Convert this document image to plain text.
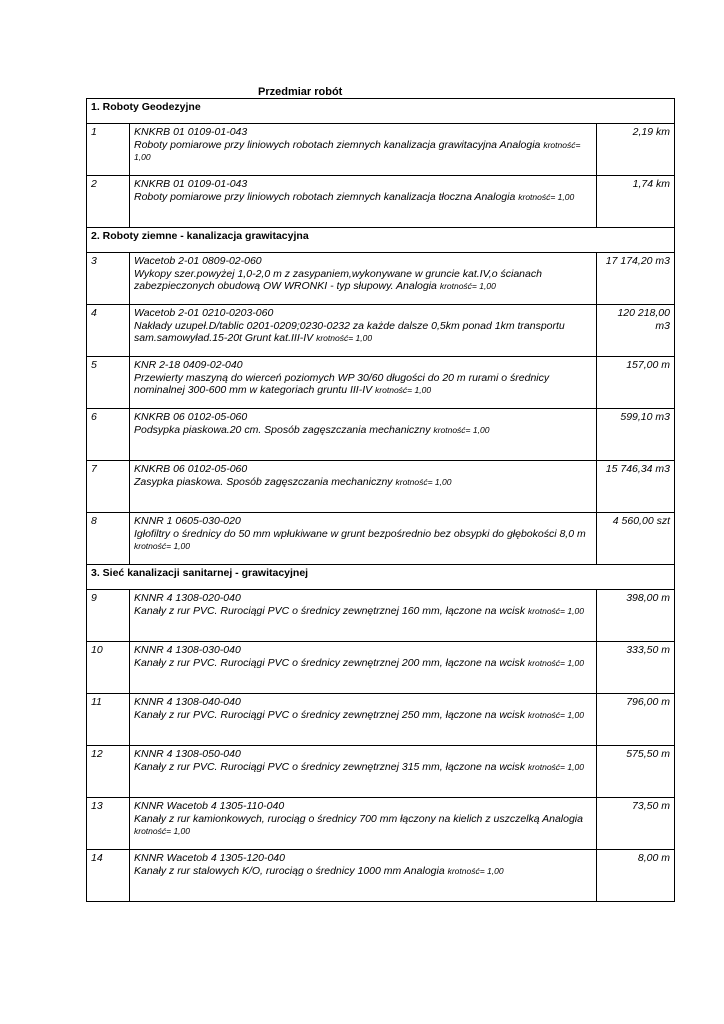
Przedmiar robót
1. Roboty Geodezyjne		
1	KNKRB 01 0109-01-043
Roboty pomiarowe przy liniowych robotach ziemnych kanalizacja grawitacyjna Analogia krotność= 1,00	2,19 km
2	KNKRB 01 0109-01-043
Roboty pomiarowe przy liniowych robotach ziemnych kanalizacja tłoczna Analogia krotność= 1,00	1,74 km
2. Roboty ziemne - kanalizacja grawitacyjna		
3	Wacetob 2-01 0809-02-060
Wykopy szer.powyżej 1,0-2,0 m z zasypaniem,wykonywane w gruncie kat.IV,o ścianach zabezpieczonych obudową OW WRONKI - typ słupowy. Analogia krotność= 1,00	17 174,20 m3
4	Wacetob 2-01 0210-0203-060
Nakłady uzupeł.D/tablic 0201-0209;0230-0232 za każde dalsze 0,5km ponad 1km transportu sam.samowyład.15-20t Grunt kat.III-IV krotność= 1,00	120 218,00 m3
5	KNR 2-18 0409-02-040
Przewierty maszyną do wierceń poziomych WP 30/60 długości do 20 m rurami o średnicy nominalnej 300-600 mm w kategoriach gruntu III-IV krotność= 1,00	157,00 m
6	KNKRB 06 0102-05-060
Podsypka piaskowa.20 cm. Sposób zagęszczania mechaniczny krotność= 1,00	599,10 m3
7	KNKRB 06 0102-05-060
Zasypka piaskowa. Sposób zagęszczania mechaniczny krotność= 1,00	15 746,34 m3
8	KNNR 1 0605-030-020
Igłofiltry o średnicy do 50 mm wpłukiwane w grunt bezpośrednio bez obsypki do głębokości 8,0 m krotność= 1,00	4 560,00 szt
3. Sieć kanalizacji sanitarnej - grawitacyjnej		
9	KNNR 4 1308-020-040
Kanały z rur PVC. Rurociągi PVC o średnicy zewnętrznej 160 mm, łączone na wcisk krotność= 1,00	398,00 m
10	KNNR 4 1308-030-040
Kanały z rur PVC. Rurociągi PVC o średnicy zewnętrznej 200 mm, łączone na wcisk krotność= 1,00	333,50 m
11	KNNR 4 1308-040-040
Kanały z rur PVC. Rurociągi PVC o średnicy zewnętrznej 250 mm, łączone na wcisk krotność= 1,00	796,00 m
12	KNNR 4 1308-050-040
Kanały z rur PVC. Rurociągi PVC o średnicy zewnętrznej 315 mm, łączone na wcisk krotność= 1,00	575,50 m
13	KNNR Wacetob 4 1305-110-040
Kanały z rur kamionkowych, rurociąg o średnicy 700 mm łączony na kielich z uszczelką Analogia krotność= 1,00	73,50 m
14	KNNR Wacetob 4 1305-120-040
Kanały z rur stalowych K/O, rurociąg o średnicy 1000 mm Analogia krotność= 1,00	8,00 m
